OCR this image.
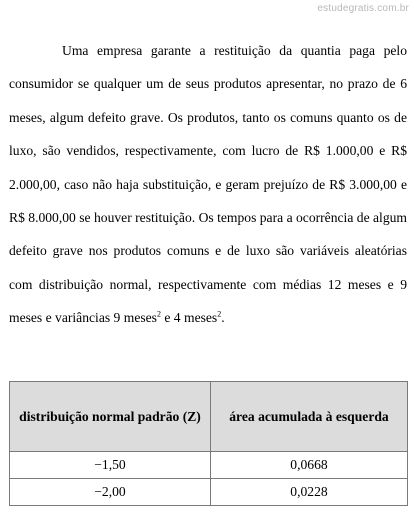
estudegratis.com.br

Uma empresa garante a restituição da quantia paga pelo consumidor se qualquer um de seus produtos apresentar, no prazo de 6 meses, algum defeito grave. Os produtos, tanto os comuns quanto os de luxo, são vendidos, respectivamente, com lucro de R$ 1.000,00 e R$ 2.000,00, caso não haja substituição, e geram prejuízo de R$ 3.000,00 e R$ 8.000,00 se houver restituição. Os tempos para a ocorrência de algum defeito grave nos produtos comuns e de luxo são variáveis aleatórias com distribuição normal, respectivamente com médias 12 meses e 9 meses e variâncias 9 meses$^2$ e 4 meses$^2$.

distribuição normal padrão (Z)	área acumulada à esquerda
−1,50	0,0668
−2,00	0,0228
